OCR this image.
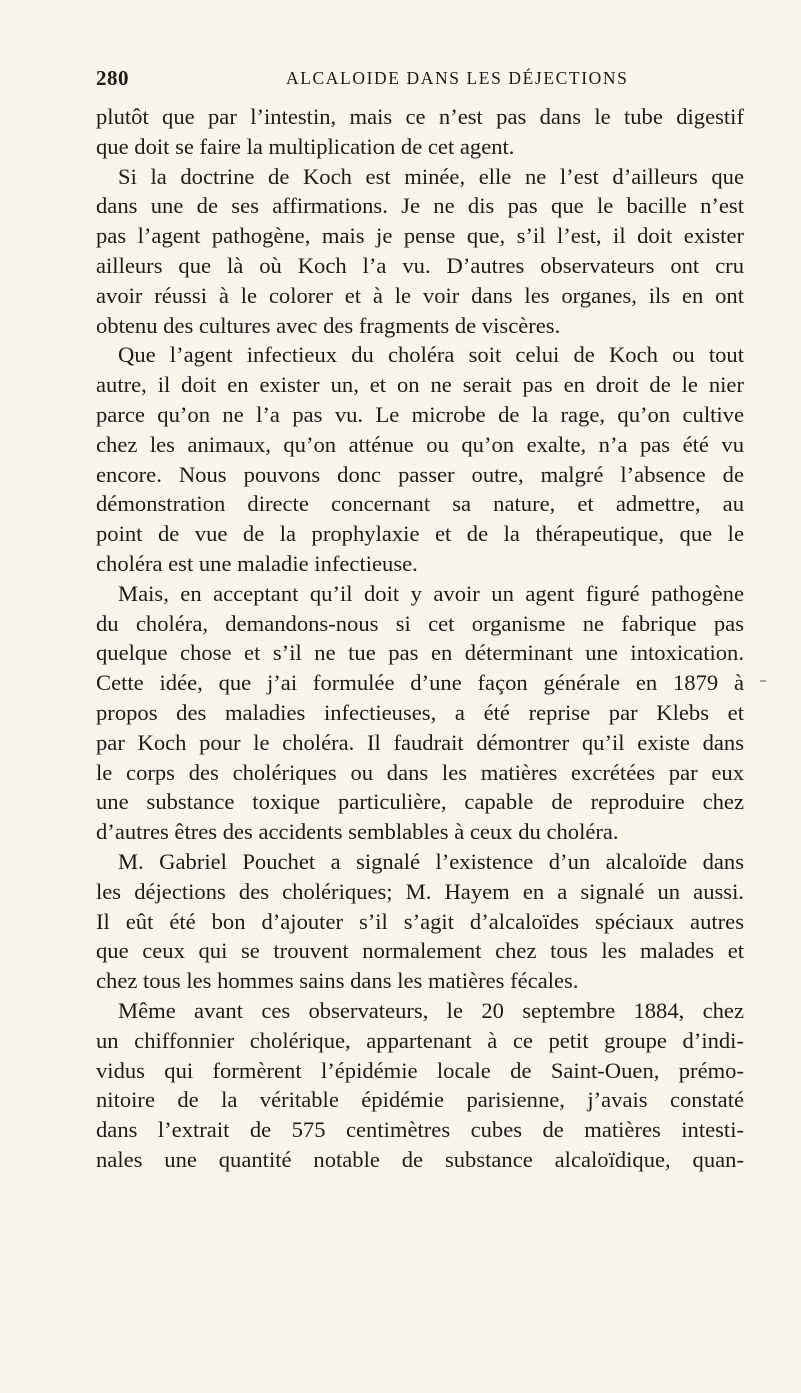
280	ALCALOIDE DANS LES DÉJECTIONS
plutôt que par l’intestin, mais ce n’est pas dans le tube digestif
que doit se faire la multiplication de cet agent.
Si la doctrine de Koch est minée, elle ne l’est d’ailleurs que
dans une de ses affirmations. Je ne dis pas que le bacille n’est
pas l’agent pathogène, mais je pense que, s’il l’est, il doit exister
ailleurs que là où Koch l’a vu. D’autres observateurs ont cru
avoir réussi à le colorer et à le voir dans les organes, ils en ont
obtenu des cultures avec des fragments de viscères.
Que l’agent infectieux du choléra soit celui de Koch ou tout
autre, il doit en exister un, et on ne serait pas en droit de le nier
parce qu’on ne l’a pas vu. Le microbe de la rage, qu’on cultive
chez les animaux, qu’on atténue ou qu’on exalte, n’a pas été vu
encore. Nous pouvons donc passer outre, malgré l’absence de
démonstration directe concernant sa nature, et admettre, au
point de vue de la prophylaxie et de la thérapeutique, que le
choléra est une maladie infectieuse.
Mais, en acceptant qu’il doit y avoir un agent figuré pathogène
du choléra, demandons-nous si cet organisme ne fabrique pas
quelque chose et s’il ne tue pas en déterminant une intoxication.
Cette idée, que j’ai formulée d’une façon générale en 1879 à
propos des maladies infectieuses, a été reprise par Klebs et
par Koch pour le choléra. Il faudrait démontrer qu’il existe dans
le corps des cholériques ou dans les matières excrétées par eux
une substance toxique particulière, capable de reproduire chez
d’autres êtres des accidents semblables à ceux du choléra.
M. Gabriel Pouchet a signalé l’existence d’un alcaloïde dans
les déjections des cholériques; M. Hayem en a signalé un aussi.
Il eût été bon d’ajouter s’il s’agit d’alcaloïdes spéciaux autres
que ceux qui se trouvent normalement chez tous les malades et
chez tous les hommes sains dans les matières fécales.
Même avant ces observateurs, le 20 septembre 1884, chez
un chiffonnier cholérique, appartenant à ce petit groupe d’indi-
vidus qui formèrent l’épidémie locale de Saint-Ouen, prémo-
nitoire de la véritable épidémie parisienne, j’avais constaté
dans l’extrait de 575 centimètres cubes de matières intesti-
nales une quantité notable de substance alcaloïdique, quan-
